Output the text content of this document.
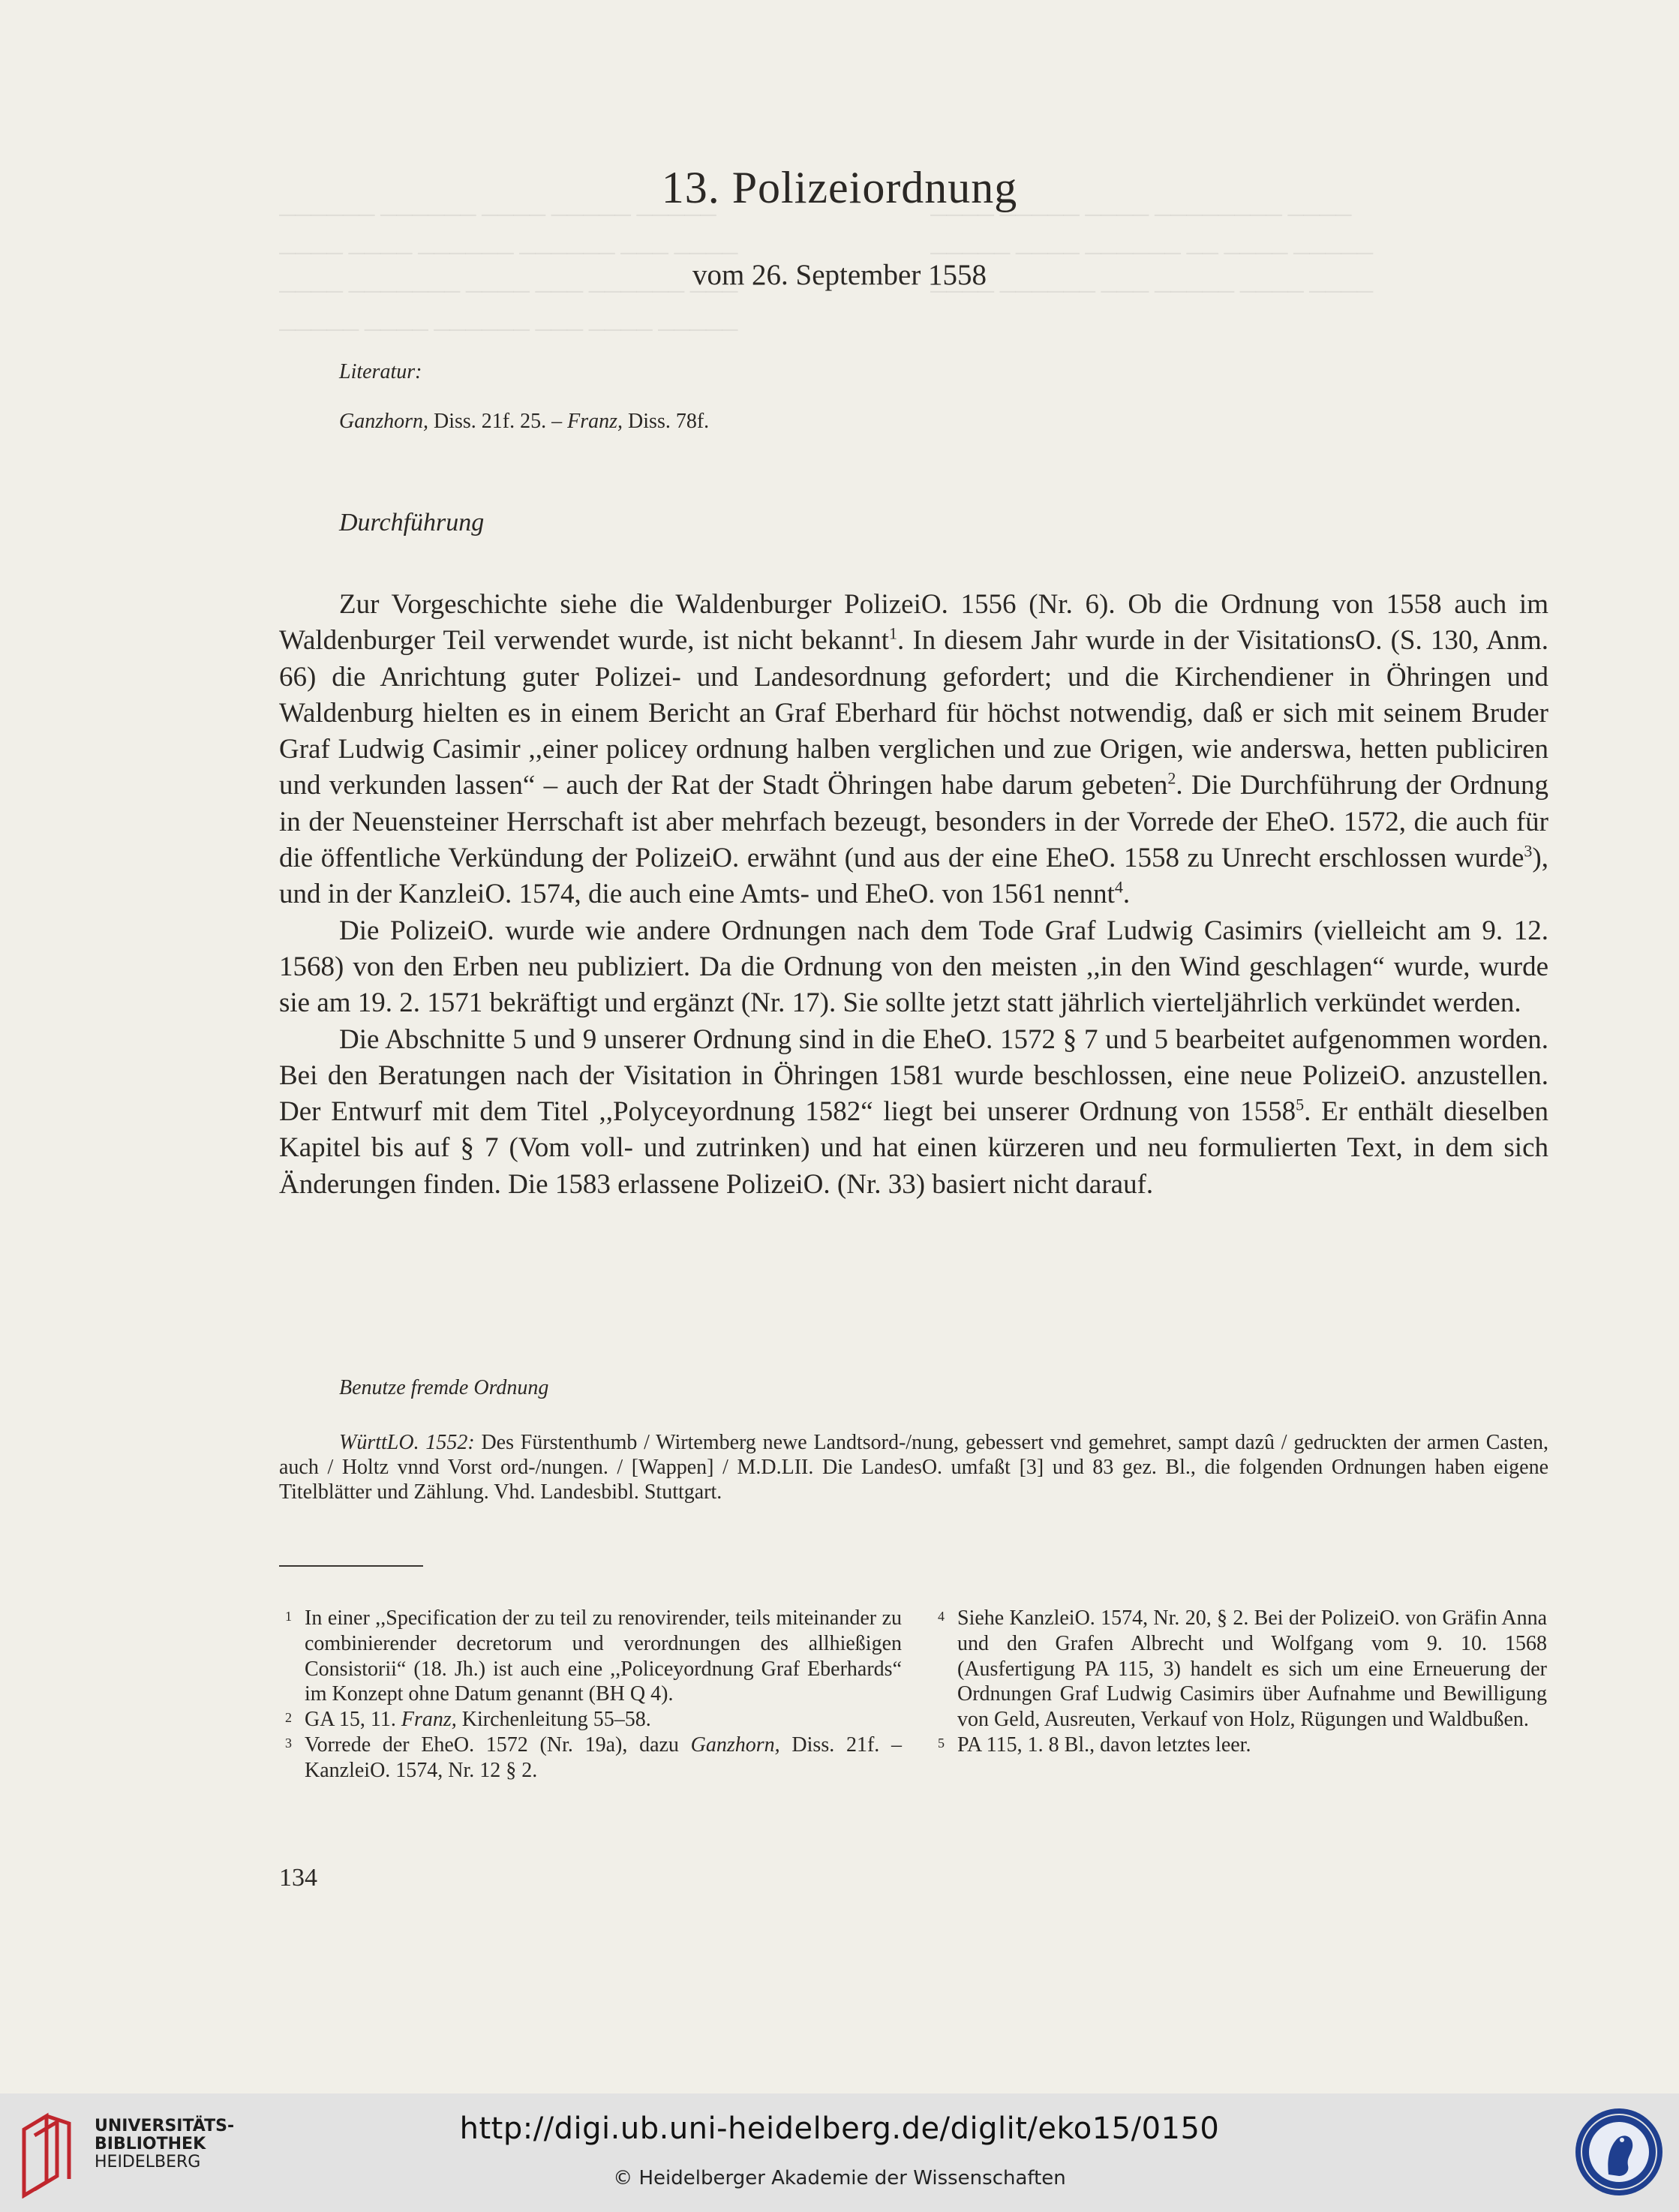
────── ────── ──── ───── ─────
──── ──── ────── ────── ─── ────
──── ─────── ──── ─── ────── ───
───── ──── ────── ─── ──── ─────

──── ───── ──── ──────── ────
───── ──── ────── ── ──── ─────
──── ────── ─── ───── ──── ────

13. Polizeiordnung
vom 26. September 1558
Literatur:
Ganzhorn, Diss. 21f. 25. – Franz, Diss. 78f.
Durchführung

Zur Vorgeschichte siehe die Waldenburger PolizeiO. 1556 (Nr. 6). Ob die Ordnung von 1558 auch im Waldenburger Teil verwendet wurde, ist nicht bekannt$^1$. In diesem Jahr wurde in der VisitationsO. (S. 130, Anm. 66) die Anrichtung guter Polizei- und Landesordnung gefordert; und die Kirchendiener in Öhringen und Waldenburg hielten es in einem Bericht an Graf Eberhard für höchst notwendig, daß er sich mit seinem Bruder Graf Ludwig Casimir ,,einer policey ordnung halben verglichen und zue Origen, wie anderswa, hetten publiciren und verkunden lassen“ – auch der Rat der Stadt Öhringen habe darum gebeten$^2$. Die Durchführung der Ordnung in der Neuensteiner Herrschaft ist aber mehrfach bezeugt, besonders in der Vorrede der EheO. 1572, die auch für die öffentliche Verkündung der PolizeiO. erwähnt (und aus der eine EheO. 1558 zu Unrecht erschlossen wurde$^3$), und in der KanzleiO. 1574, die auch eine Amts- und EheO. von 1561 nennt$^4$.

Die PolizeiO. wurde wie andere Ordnungen nach dem Tode Graf Ludwig Casimirs (vielleicht am 9. 12. 1568) von den Erben neu publiziert. Da die Ordnung von den meisten ,,in den Wind geschlagen“ wurde, wurde sie am 19. 2. 1571 bekräftigt und ergänzt (Nr. 17). Sie sollte jetzt statt jährlich vierteljährlich verkündet werden.

Die Abschnitte 5 und 9 unserer Ordnung sind in die EheO. 1572 § 7 und 5 bearbeitet aufgenommen worden. Bei den Beratungen nach der Visitation in Öhringen 1581 wurde beschlossen, eine neue PolizeiO. anzustellen. Der Entwurf mit dem Titel ,,Polyceyordnung 1582“ liegt bei unserer Ordnung von 1558$^5$. Er enthält dieselben Kapitel bis auf § 7 (Vom voll- und zutrinken) und hat einen kürzeren und neu formulierten Text, in dem sich Änderungen finden. Die 1583 erlassene PolizeiO. (Nr. 33) basiert nicht darauf.

Benutze fremde Ordnung
WürttLO. 1552: Des Fürstenthumb / Wirtemberg newe Landtsord-/nung, gebessert vnd gemehret, sampt dazû / gedruckten der armen Casten, auch / Holtz vnnd Vorst ord-/nungen. / [Wappen] / M.D.LII. Die LandesO. umfaßt [3] und 83 gez. Bl., die folgenden Ordnungen haben eigene Titelblätter und Zählung. Vhd. Landesbibl. Stuttgart.

1 In einer ,,Specification der zu teil zu renovirender, teils miteinander zu combinierender decretorum und verordnungen des allhießigen Consistorii“ (18. Jh.) ist auch eine ,,Policeyordnung Graf Eberhards“ im Konzept ohne Datum genannt (BH Q 4).

2 GA 15, 11. Franz, Kirchenleitung 55–58.

3 Vorrede der EheO. 1572 (Nr. 19a), dazu Ganzhorn, Diss. 21f. – KanzleiO. 1574, Nr. 12 § 2.

4 Siehe KanzleiO. 1574, Nr. 20, § 2. Bei der PolizeiO. von Gräfin Anna und den Grafen Albrecht und Wolfgang vom 9. 10. 1568 (Ausfertigung PA 115, 3) handelt es sich um eine Erneuerung der Ordnungen Graf Ludwig Casimirs über Aufnahme und Bewilligung von Geld, Ausreuten, Verkauf von Holz, Rügungen und Waldbußen.

5 PA 115, 1. 8 Bl., davon letztes leer.

134
UNIVERSITÄTS-
BIBLIOTHEK
HEIDELBERG
http://digi.ub.uni-heidelberg.de/diglit/eko15/0150
© Heidelberger Akademie der Wissenschaften
